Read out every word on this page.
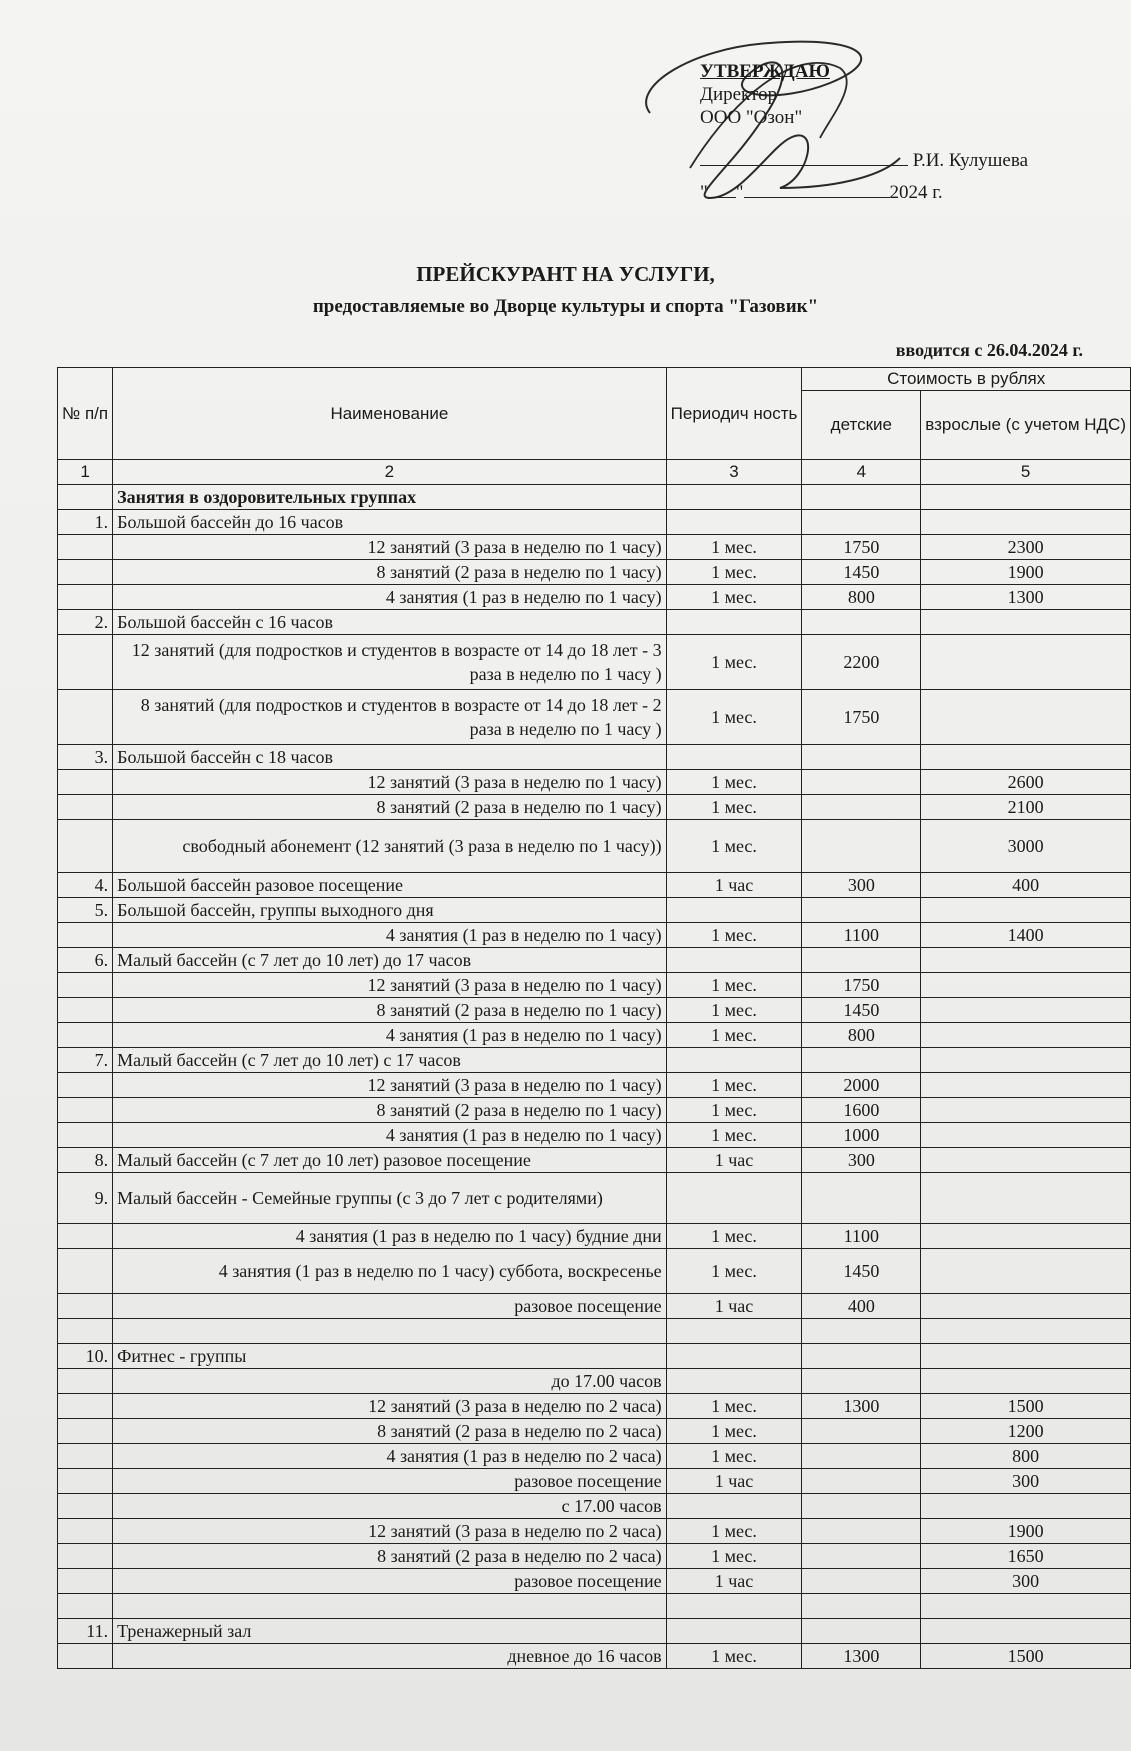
УТВЕРЖДАЮ
Директор
ООО "Озон"
Р.И. Кулушева
" "	2024 г.
ПРЕЙСКУРАНТ НА УСЛУГИ,
предоставляемые во Дворце культуры и спорта "Газовик"
вводится с 26.04.2024 г.
№ п/п	Наименование	Периодич ность	Стоимость в рублях	
			детские	взрослые (с учетом НДС)
1	2	3	4	5
	Занятия в оздоровительных группах			
1.	Большой бассейн до 16 часов			
	12 занятий (3 раза в неделю по 1 часу)	1 мес.	1750	2300
	8 занятий (2 раза в неделю по 1 часу)	1 мес.	1450	1900
	4 занятия (1 раз в неделю по 1 часу)	1 мес.	800	1300
2.	Большой бассейн с 16 часов			
	12 занятий (для подростков и студентов в возрасте от 14 до 18 лет - 3 раза в неделю по 1 часу )	1 мес.	2200	
	8 занятий (для подростков и студентов в возрасте от 14 до 18 лет - 2 раза в неделю по 1 часу )	1 мес.	1750	
3.	Большой бассейн с 18 часов			
	12 занятий (3 раза в неделю по 1 часу)	1 мес.		2600
	8 занятий (2 раза в неделю по 1 часу)	1 мес.		2100
	свободный абонемент (12 занятий (3 раза в неделю по 1 часу))	1 мес.		3000
4.	Большой бассейн разовое посещение	1 час	300	400
5.	Большой бассейн, группы выходного дня			
	4 занятия (1 раз в неделю по 1 часу)	1 мес.	1100	1400
6.	Малый бассейн (с 7 лет до 10 лет) до 17 часов			
	12 занятий (3 раза в неделю по 1 часу)	1 мес.	1750	
	8 занятий (2 раза в неделю по 1 часу)	1 мес.	1450	
	4 занятия (1 раз в неделю по 1 часу)	1 мес.	800	
7.	Малый бассейн (с 7 лет до 10 лет) с 17 часов			
	12 занятий (3 раза в неделю по 1 часу)	1 мес.	2000	
	8 занятий (2 раза в неделю по 1 часу)	1 мес.	1600	
	4 занятия (1 раз в неделю по 1 часу)	1 мес.	1000	
8.	Малый бассейн (с 7 лет до 10 лет) разовое посещение	1 час	300	
9.	Малый бассейн - Семейные группы (с 3 до 7 лет с родителями)			
	4 занятия (1 раз в неделю по 1 часу) будние дни	1 мес.	1100	
	4 занятия (1 раз в неделю по 1 часу) суббота, воскресенье	1 мес.	1450	
	разовое посещение	1 час	400	

10.	Фитнес - группы			
	до 17.00 часов			
	12 занятий (3 раза в неделю по 2 часа)	1 мес.	1300	1500
	8 занятий (2 раза в неделю по 2 часа)	1 мес.		1200
	4 занятия (1 раз в неделю по 2 часа)	1 мес.		800
	разовое посещение	1 час		300
	с 17.00 часов			
	12 занятий (3 раза в неделю по 2 часа)	1 мес.		1900
	8 занятий (2 раза в неделю по 2 часа)	1 мес.		1650
	разовое посещение	1 час		300

11.	Тренажерный зал			
	дневное до 16 часов	1 мес.	1300	1500
